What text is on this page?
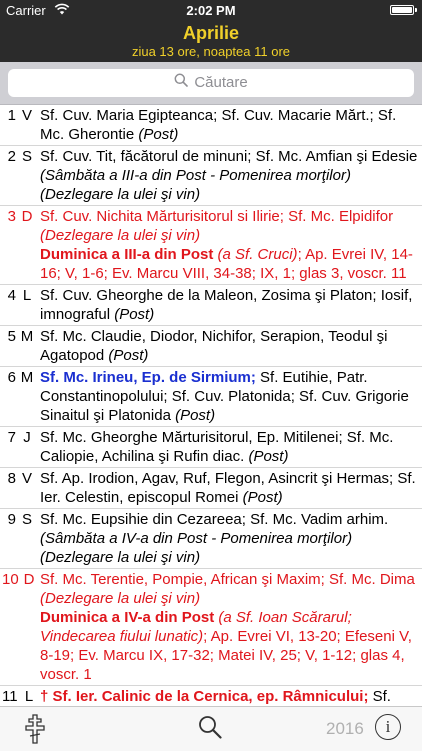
Carrier	2:02 PM
Aprilie
ziua 13 ore, noaptea 11 ore
Căutare
1 V Sf. Cuv. Maria Egipteanca; Sf. Cuv. Macarie Mărt.; Sf. Mc. Gherontie (Post)
2 S Sf. Cuv. Tit, făcătorul de minuni; Sf. Mc. Amfian şi Edesie (Sâmbăta a III-a din Post - Pomenirea morţilor) (Dezlegare la ulei şi vin)
3 D Sf. Cuv. Nichita Mărturisitorul si Ilirie; Sf. Mc. Elpidifor (Dezlegare la ulei şi vin)
Duminica a III-a din Post (a Sf. Cruci); Ap. Evrei IV, 14-16; V, 1-6; Ev. Marcu VIII, 34-38; IX, 1; glas 3, voscr. 11
4 L Sf. Cuv. Gheorghe de la Maleon, Zosima şi Platon; Iosif, imnograful (Post)
5 M Sf. Mc. Claudie, Diodor, Nichifor, Serapion, Teodul şi Agatopod (Post)
6 M Sf. Mc. Irineu, Ep. de Sirmium; Sf. Eutihie, Patr. Constantinopolului; Sf. Cuv. Platonida; Sf. Cuv. Grigorie Sinaitul şi Platonida (Post)
7 J Sf. Mc. Gheorghe Mărturisitorul, Ep. Mitilenei; Sf. Mc. Caliopie, Achilina şi Rufin diac. (Post)
8 V Sf. Ap. Irodion, Agav, Ruf, Flegon, Asincrit şi Hermas; Sf. Ier. Celestin, episcopul Romei (Post)
9 S Sf. Mc. Eupsihie din Cezareea; Sf. Mc. Vadim arhim. (Sâmbăta a IV-a din Post - Pomenirea morţilor) (Dezlegare la ulei şi vin)
10 D Sf. Mc. Terentie, Pompie, African şi Maxim; Sf. Mc. Dima (Dezlegare la ulei şi vin)
Duminica a IV-a din Post (a Sf. Ioan Scărarul; Vindecarea fiului lunatic); Ap. Evrei VI, 13-20; Efeseni V, 8-19; Ev. Marcu IX, 17-32; Matei IV, 25; V, 1-12; glas 4, voscr. 1
11 L † Sf. Ier. Calinic de la Cernica, ep. Râmnicului; Sf.
2016	i
